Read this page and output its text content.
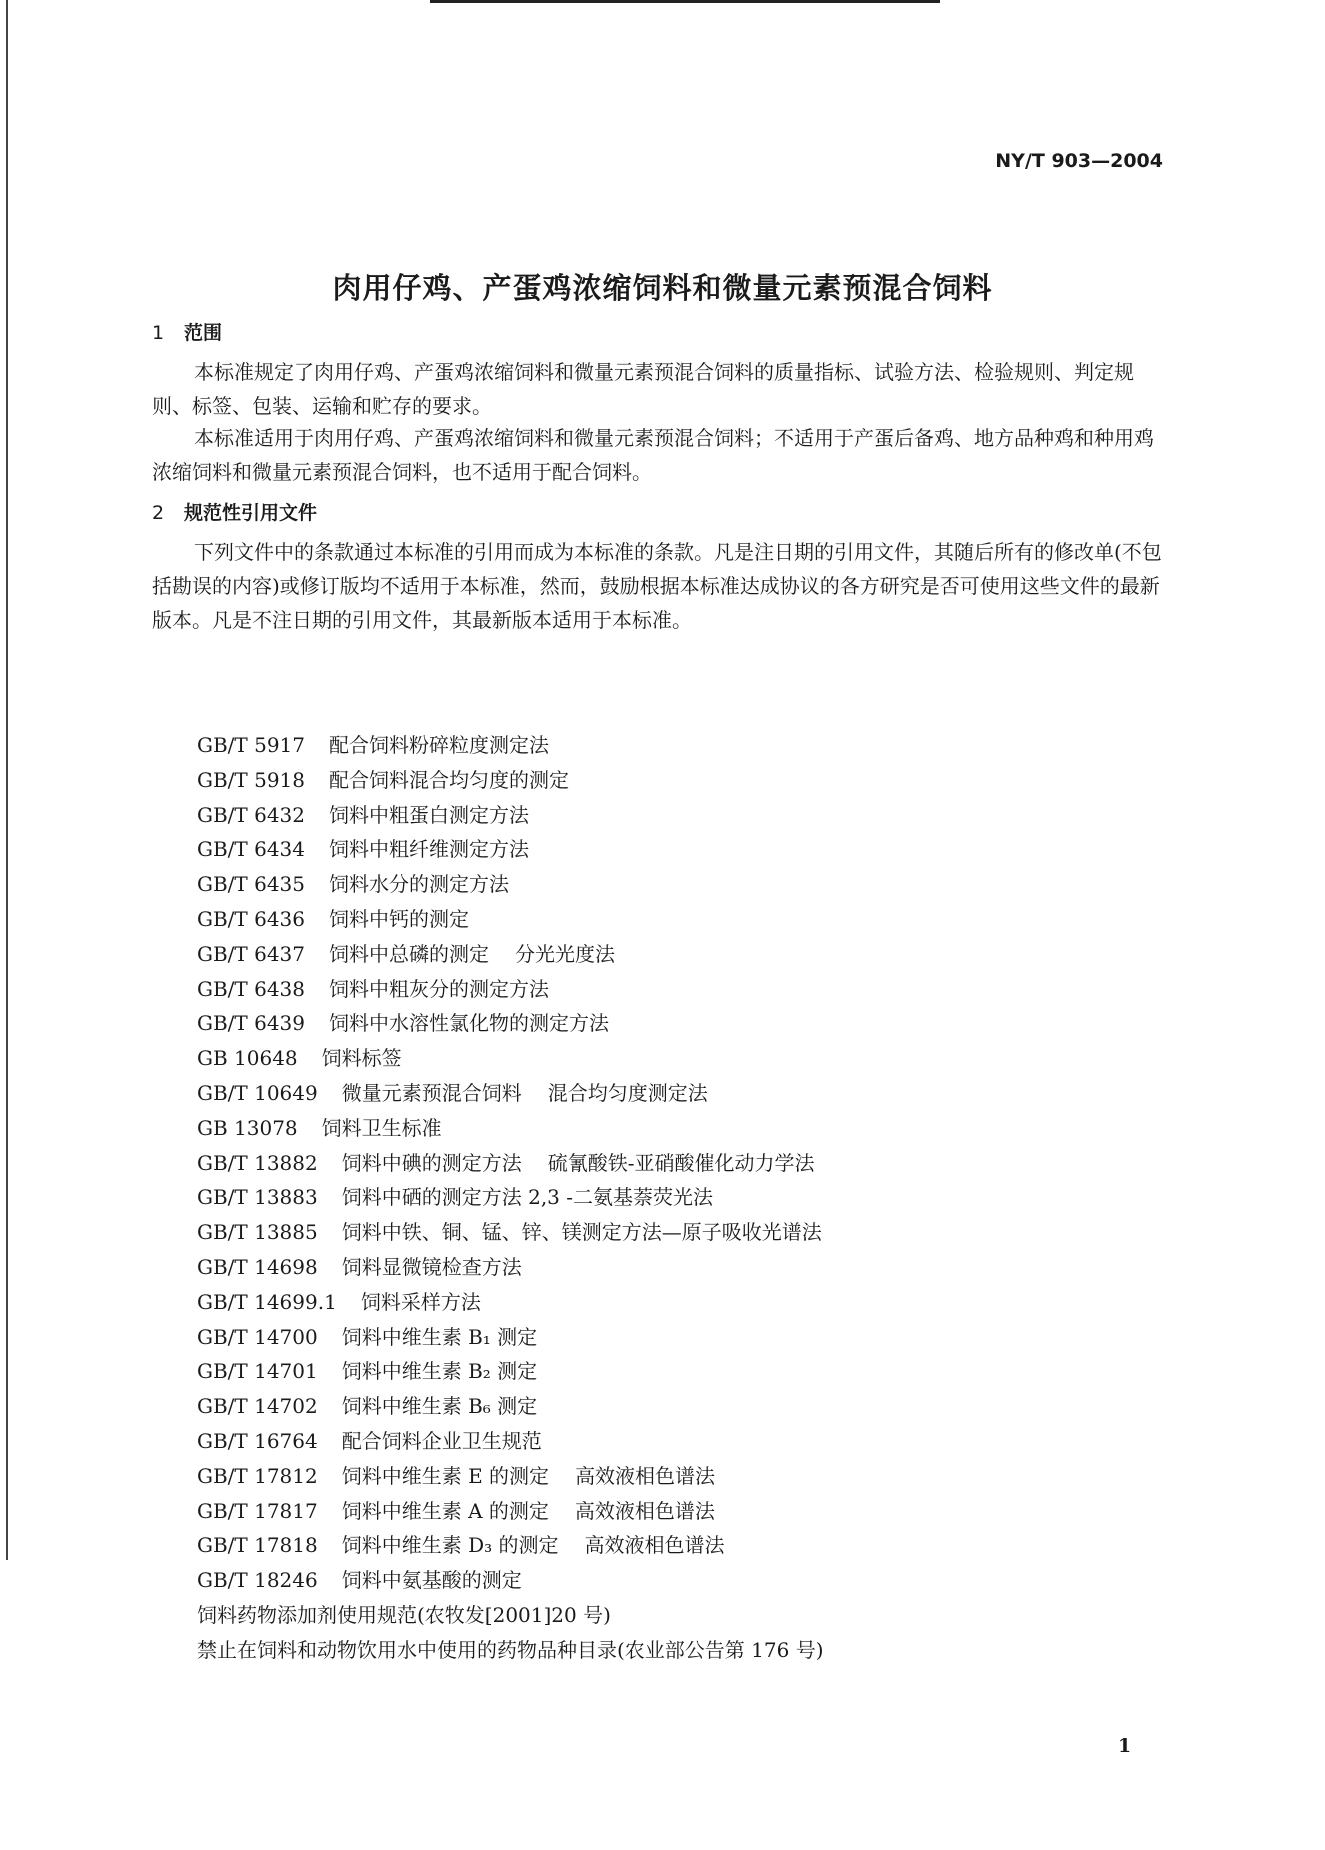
NY/T 903—2004
肉用仔鸡、产蛋鸡浓缩饲料和微量元素预混合饲料
1 范围

本标准规定了肉用仔鸡、产蛋鸡浓缩饲料和微量元素预混合饲料的质量指标、试验方法、检验规则、判定规则、标签、包装、运输和贮存的要求。

本标准适用于肉用仔鸡、产蛋鸡浓缩饲料和微量元素预混合饲料；不适用于产蛋后备鸡、地方品种鸡和种用鸡浓缩饲料和微量元素预混合饲料，也不适用于配合饲料。

2 规范性引用文件

下列文件中的条款通过本标准的引用而成为本标准的条款。凡是注日期的引用文件，其随后所有的修改单(不包括勘误的内容)或修订版均不适用于本标准，然而，鼓励根据本标准达成协议的各方研究是否可使用这些文件的最新版本。凡是不注日期的引用文件，其最新版本适用于本标准。

GB/T 5917 配合饲料粉碎粒度测定法
GB/T 5918 配合饲料混合均匀度的测定
GB/T 6432 饲料中粗蛋白测定方法
GB/T 6434 饲料中粗纤维测定方法
GB/T 6435 饲料水分的测定方法
GB/T 6436 饲料中钙的测定
GB/T 6437 饲料中总磷的测定 分光光度法
GB/T 6438 饲料中粗灰分的测定方法
GB/T 6439 饲料中水溶性氯化物的测定方法
GB 10648 饲料标签
GB/T 10649 微量元素预混合饲料 混合均匀度测定法
GB 13078 饲料卫生标准
GB/T 13882 饲料中碘的测定方法 硫氰酸铁-亚硝酸催化动力学法
GB/T 13883 饲料中硒的测定方法 2,3 -二氨基萘荧光法
GB/T 13885 饲料中铁、铜、锰、锌、镁测定方法—原子吸收光谱法
GB/T 14698 饲料显微镜检查方法
GB/T 14699.1 饲料采样方法
GB/T 14700 饲料中维生素 B₁ 测定
GB/T 14701 饲料中维生素 B₂ 测定
GB/T 14702 饲料中维生素 B₆ 测定
GB/T 16764 配合饲料企业卫生规范
GB/T 17812 饲料中维生素 E 的测定 高效液相色谱法
GB/T 17817 饲料中维生素 A 的测定 高效液相色谱法
GB/T 17818 饲料中维生素 D₃ 的测定 高效液相色谱法
GB/T 18246 饲料中氨基酸的测定
饲料药物添加剂使用规范(农牧发[2001]20 号)
禁止在饲料和动物饮用水中使用的药物品种目录(农业部公告第 176 号)
1
